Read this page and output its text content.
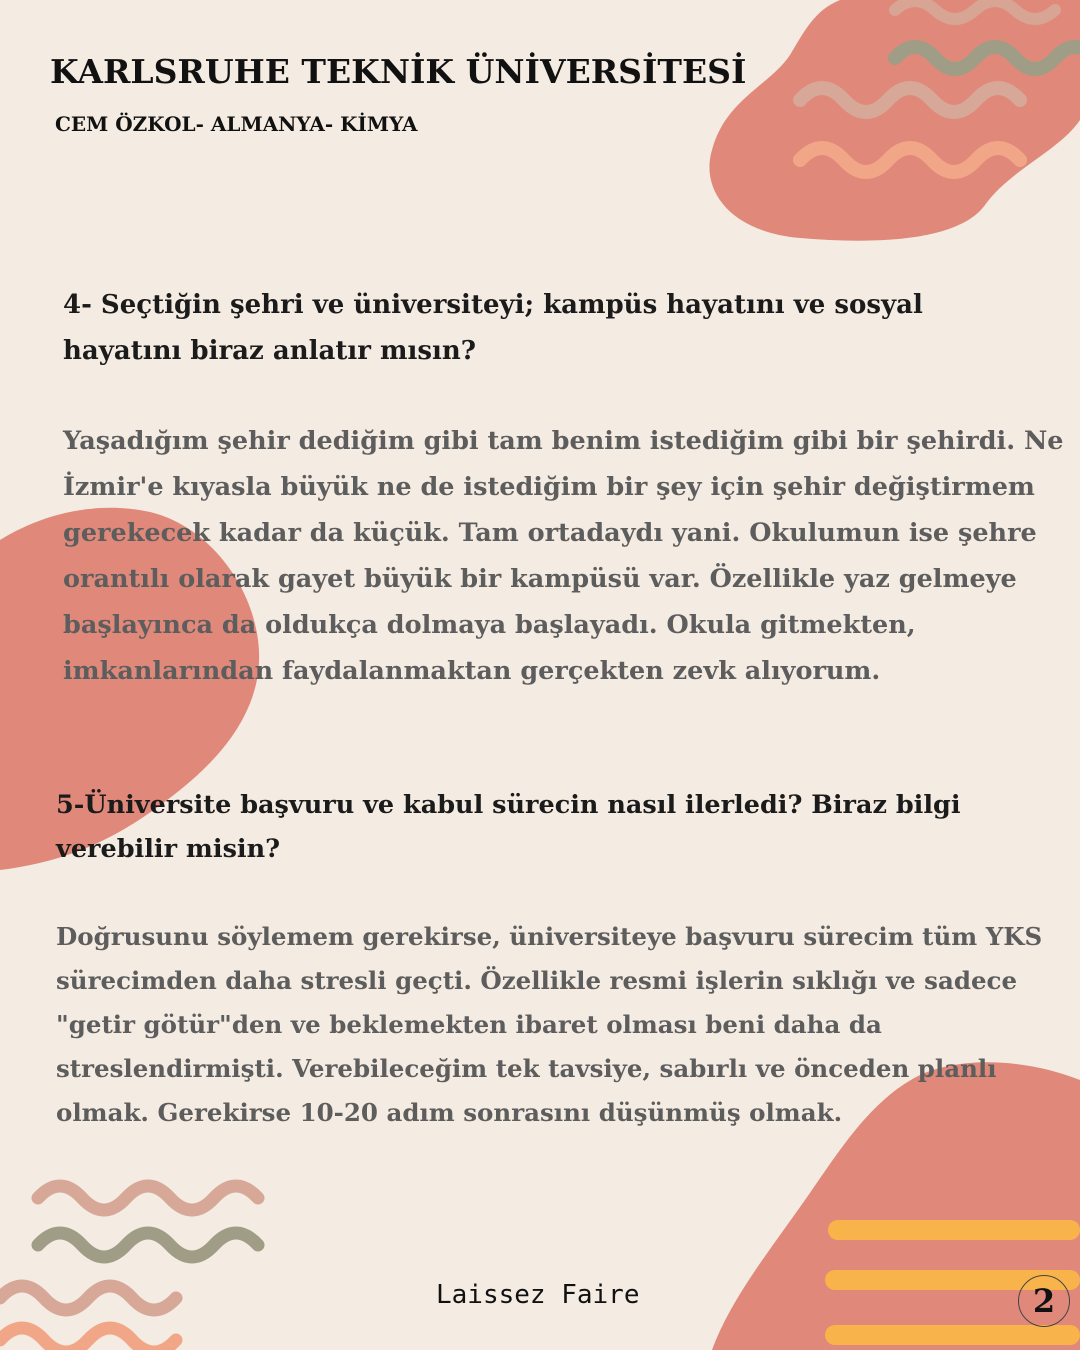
KARLSRUHE TEKNİK ÜNİVERSİTESİ
CEM ÖZKOL- ALMANYA- KİMYA
4- Seçtiğin şehri ve üniversiteyi; kampüs hayatını ve sosyal hayatını biraz anlatır mısın?
Yaşadığım şehir dediğim gibi tam benim istediğim gibi bir şehirdi. Ne İzmir'e kıyasla büyük ne de istediğim bir şey için şehir değiştirmem gerekecek kadar da küçük. Tam ortadaydı yani. Okulumun ise şehre orantılı olarak gayet büyük bir kampüsü var. Özellikle yaz gelmeye başlayınca da oldukça dolmaya başlayadı. Okula gitmekten, imkanlarından faydalanmaktan gerçekten zevk alıyorum.
5-Üniversite başvuru ve kabul sürecin nasıl ilerledi? Biraz bilgi verebilir misin?
Doğrusunu söylemem gerekirse, üniversiteye başvuru sürecim tüm YKS sürecimden daha stresli geçti. Özellikle resmi işlerin sıklığı ve sadece "getir götür"den ve beklemekten ibaret olması beni daha da streslendirmişti. Verebileceğim tek tavsiye, sabırlı ve önceden planlı olmak. Gerekirse 10-20 adım sonrasını düşünmüş olmak.
Laissez Faire	2
